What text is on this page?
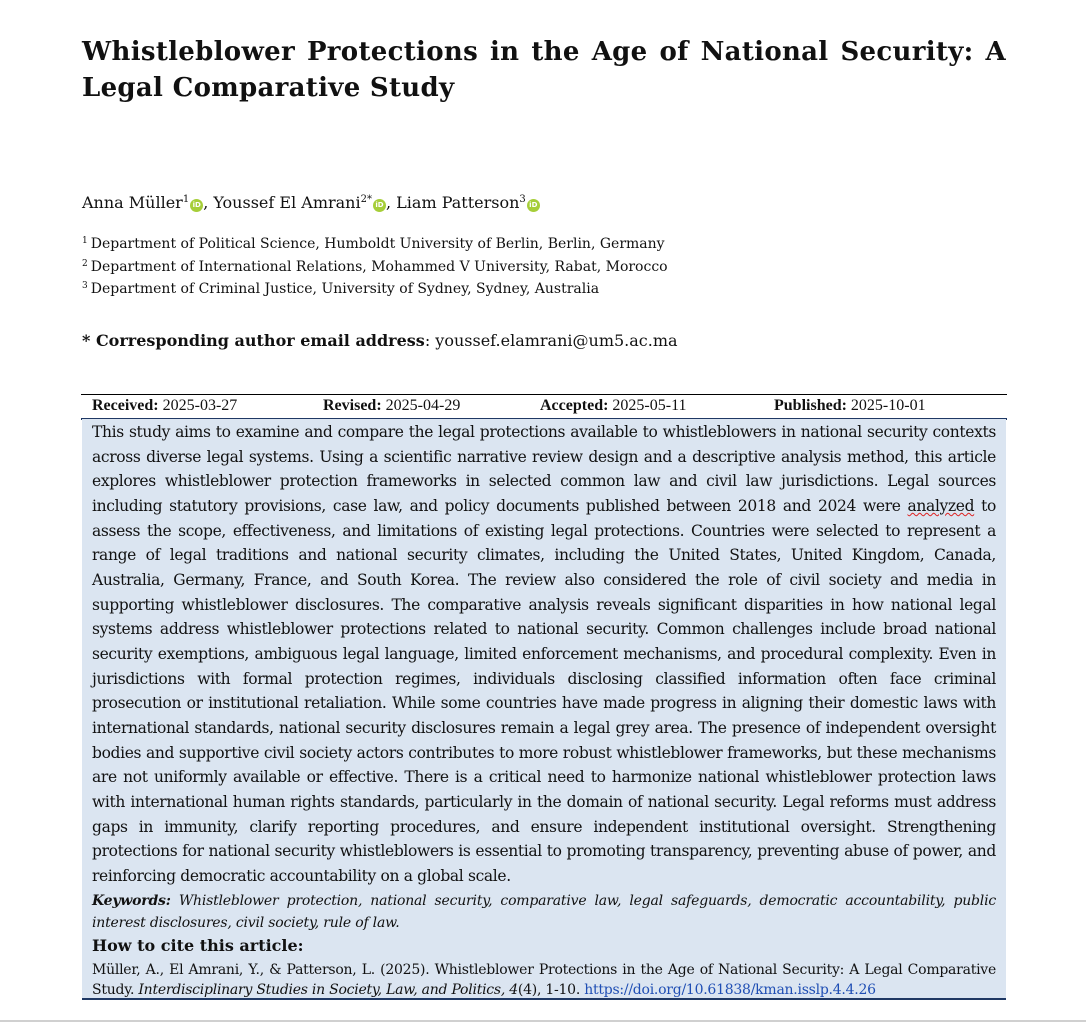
Whistleblower Protections in the Age of National Security: A Legal Comparative Study
Anna Müller$^1$ iD , Youssef El Amrani$^{2*}$ iD , Liam Patterson$^3$ iD
$^1$ Department of Political Science, Humboldt University of Berlin, Berlin, Germany
$^2$ Department of International Relations, Mohammed V University, Rabat, Morocco
$^3$ Department of Criminal Justice, University of Sydney, Sydney, Australia
* Corresponding author email address: youssef.elamrani@um5.ac.ma
Received: 2025-03-27	Revised: 2025-04-29	Accepted: 2025-05-11	Published: 2025-10-01

This study aims to examine and compare the legal protections available to whistleblowers in national security contexts across diverse legal systems. Using a scientific narrative review design and a descriptive analysis method, this article explores whistleblower protection frameworks in selected common law and civil law jurisdictions. Legal sources including statutory provisions, case law, and policy documents published between 2018 and 2024 were analyzed to assess the scope, effectiveness, and limitations of existing legal protections. Countries were selected to represent a range of legal traditions and national security climates, including the United States, United Kingdom, Canada, Australia, Germany, France, and South Korea. The review also considered the role of civil society and media in supporting whistleblower disclosures. The comparative analysis reveals significant disparities in how national legal systems address whistleblower protections related to national security. Common challenges include broad national security exemptions, ambiguous legal language, limited enforcement mechanisms, and procedural complexity. Even in jurisdictions with formal protection regimes, individuals disclosing classified information often face criminal prosecution or institutional retaliation. While some countries have made progress in aligning their domestic laws with international standards, national security disclosures remain a legal grey area. The presence of independent oversight bodies and supportive civil society actors contributes to more robust whistleblower frameworks, but these mechanisms are not uniformly available or effective. There is a critical need to harmonize national whistleblower protection laws with international human rights standards, particularly in the domain of national security. Legal reforms must address gaps in immunity, clarify reporting procedures, and ensure independent institutional oversight. Strengthening protections for national security whistleblowers is essential to promoting transparency, preventing abuse of power, and reinforcing democratic accountability on a global scale.

Keywords: Whistleblower protection, national security, comparative law, legal safeguards, democratic accountability, public interest disclosures, civil society, rule of law.

How to cite this article:

Müller, A., El Amrani, Y., & Patterson, L. (2025). Whistleblower Protections in the Age of National Security: A Legal Comparative Study. Interdisciplinary Studies in Society, Law, and Politics, 4(4), 1-10. https://doi.org/10.61838/kman.isslp.4.4.26
